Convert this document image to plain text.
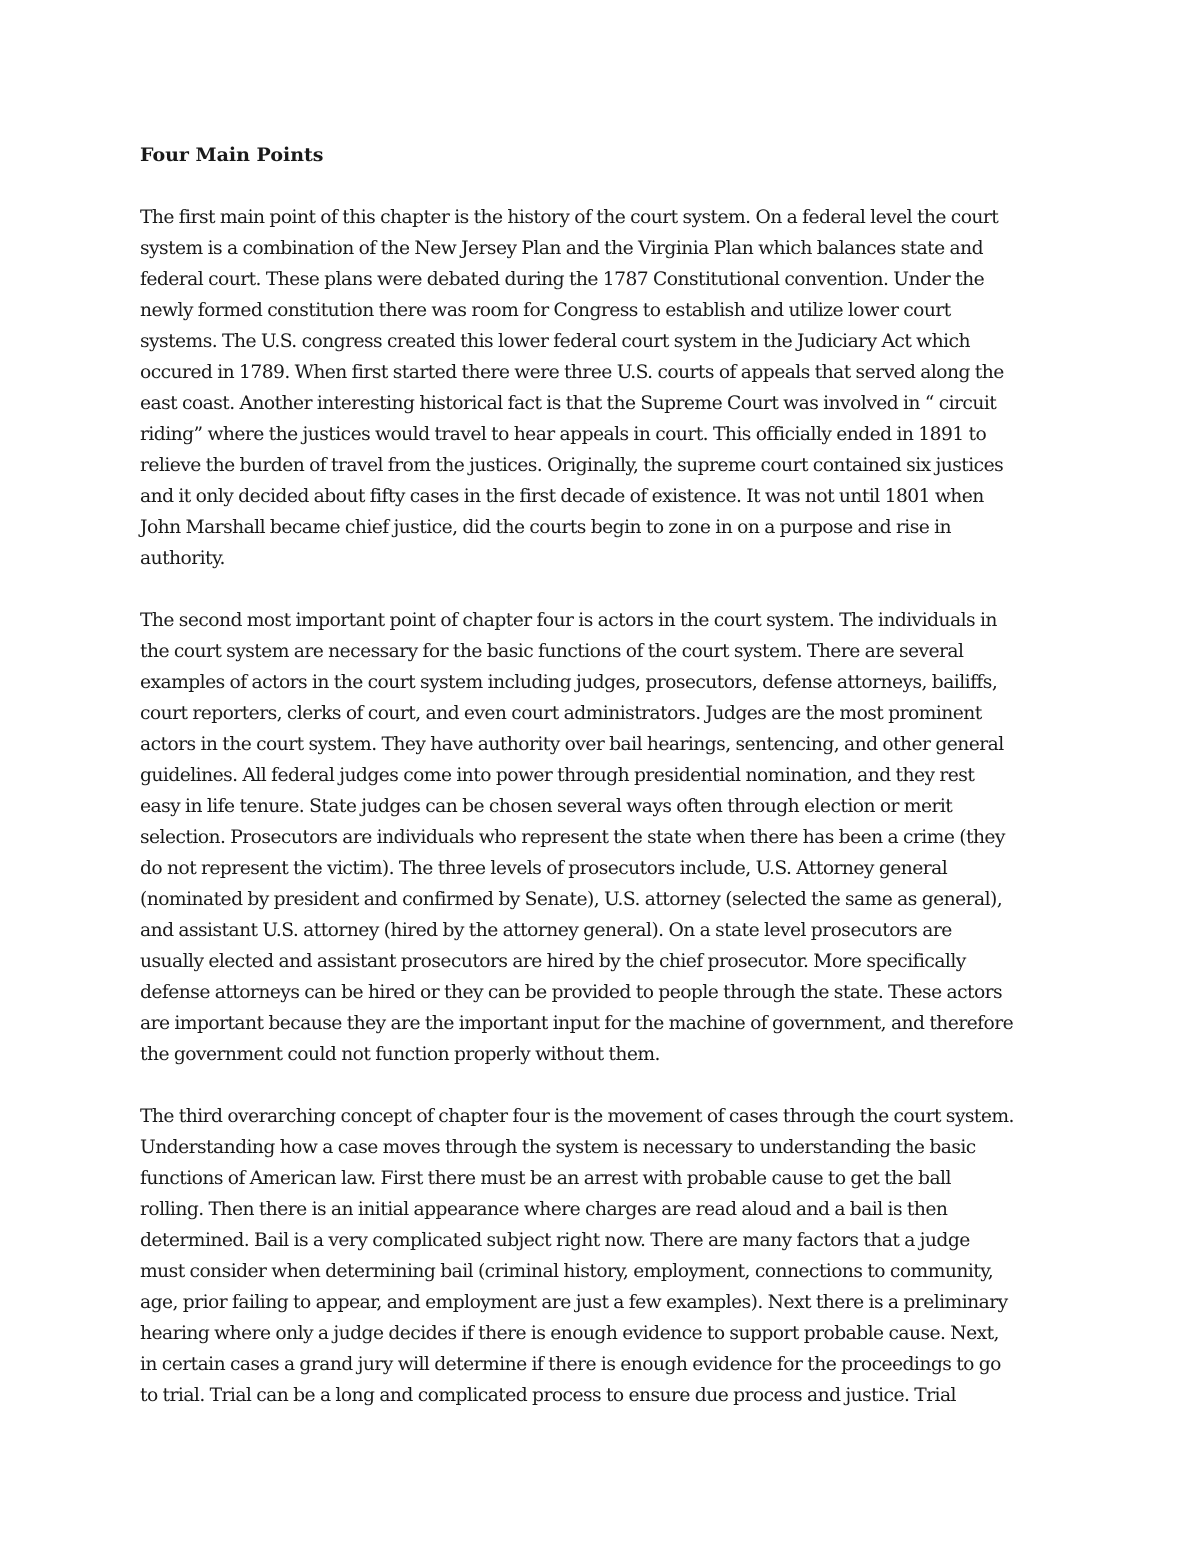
Four Main Points
The first main point of this chapter is the history of the court system. On a federal level the court
system is a combination of the New Jersey Plan and the Virginia Plan which balances state and
federal court. These plans were debated during the 1787 Constitutional convention. Under the
newly formed constitution there was room for Congress to establish and utilize lower court
systems. The U.S. congress created this lower federal court system in the Judiciary Act which
occured in 1789. When first started there were three U.S. courts of appeals that served along the
east coast. Another interesting historical fact is that the Supreme Court was involved in “ circuit
riding” where the justices would travel to hear appeals in court. This officially ended in 1891 to
relieve the burden of travel from the justices. Originally, the supreme court contained six justices
and it only decided about fifty cases in the first decade of existence. It was not until 1801 when
John Marshall became chief justice, did the courts begin to zone in on a purpose and rise in
authority.
The second most important point of chapter four is actors in the court system. The individuals in
the court system are necessary for the basic functions of the court system. There are several
examples of actors in the court system including judges, prosecutors, defense attorneys, bailiffs,
court reporters, clerks of court, and even court administrators. Judges are the most prominent
actors in the court system. They have authority over bail hearings, sentencing, and other general
guidelines. All federal judges come into power through presidential nomination, and they rest
easy in life tenure. State judges can be chosen several ways often through election or merit
selection. Prosecutors are individuals who represent the state when there has been a crime (they
do not represent the victim). The three levels of prosecutors include, U.S. Attorney general
(nominated by president and confirmed by Senate), U.S. attorney (selected the same as general),
and assistant U.S. attorney (hired by the attorney general). On a state level prosecutors are
usually elected and assistant prosecutors are hired by the chief prosecutor. More specifically
defense attorneys can be hired or they can be provided to people through the state. These actors
are important because they are the important input for the machine of government, and therefore
the government could not function properly without them.
The third overarching concept of chapter four is the movement of cases through the court system.
Understanding how a case moves through the system is necessary to understanding the basic
functions of American law. First there must be an arrest with probable cause to get the ball
rolling. Then there is an initial appearance where charges are read aloud and a bail is then
determined. Bail is a very complicated subject right now. There are many factors that a judge
must consider when determining bail (criminal history, employment, connections to community,
age, prior failing to appear, and employment are just a few examples). Next there is a preliminary
hearing where only a judge decides if there is enough evidence to support probable cause. Next,
in certain cases a grand jury will determine if there is enough evidence for the proceedings to go
to trial. Trial can be a long and complicated process to ensure due process and justice. Trial
